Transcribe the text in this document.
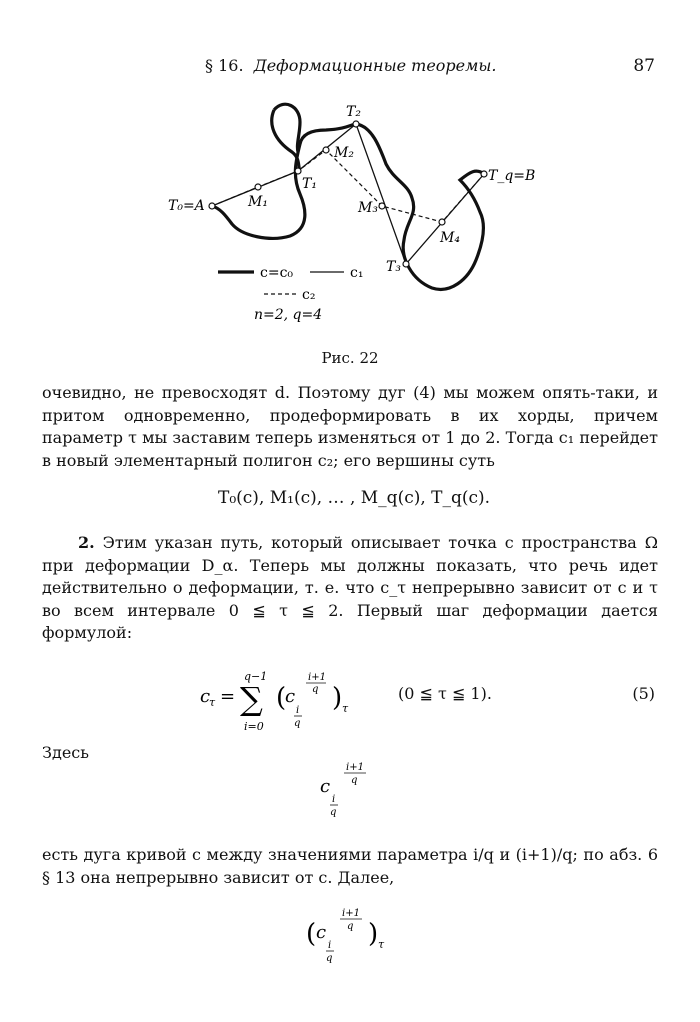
§ 16. Деформационные теоремы.	87
T₀=A	M₁
T₁
M₂
T₂
M₃
T₃
M₄
T_q=B
c=c₀	c₁
c₂
n=2, q=4
Рис. 22

очевидно, не превосходят d. Поэтому дуг (4) мы можем опять-таки, и притом одновременно, продеформировать в их хорды, причем параметр τ мы заставим теперь изменяться от 1 до 2. Тогда c₁ перейдет в новый элементарный полигон c₂; его вершины суть

T₀(c), M₁(c), … , M_q(c), T_q(c).

2. Этим указан путь, который описывает точка c пространства Ω при деформации D_α. Теперь мы должны показать, что речь идет действительно о деформации, т. е. что c_τ непрерывно зависит от c и τ во всем интервале 0 ≦ τ ≦ 2. Первый шаг деформации дается формулой:

c
τ =
q−1
∑
i=0
(
c
i
q
i+1
q ) τ
(0 ≦ τ ≦ 1).	(5)

Здесь

c
i
q
i+1
q

есть дуга кривой c между значениями параметра i/q и (i+1)/q; по абз. 6 § 13 она непрерывно зависит от c. Далее,

( c
i
q
i+1
q ) τ
